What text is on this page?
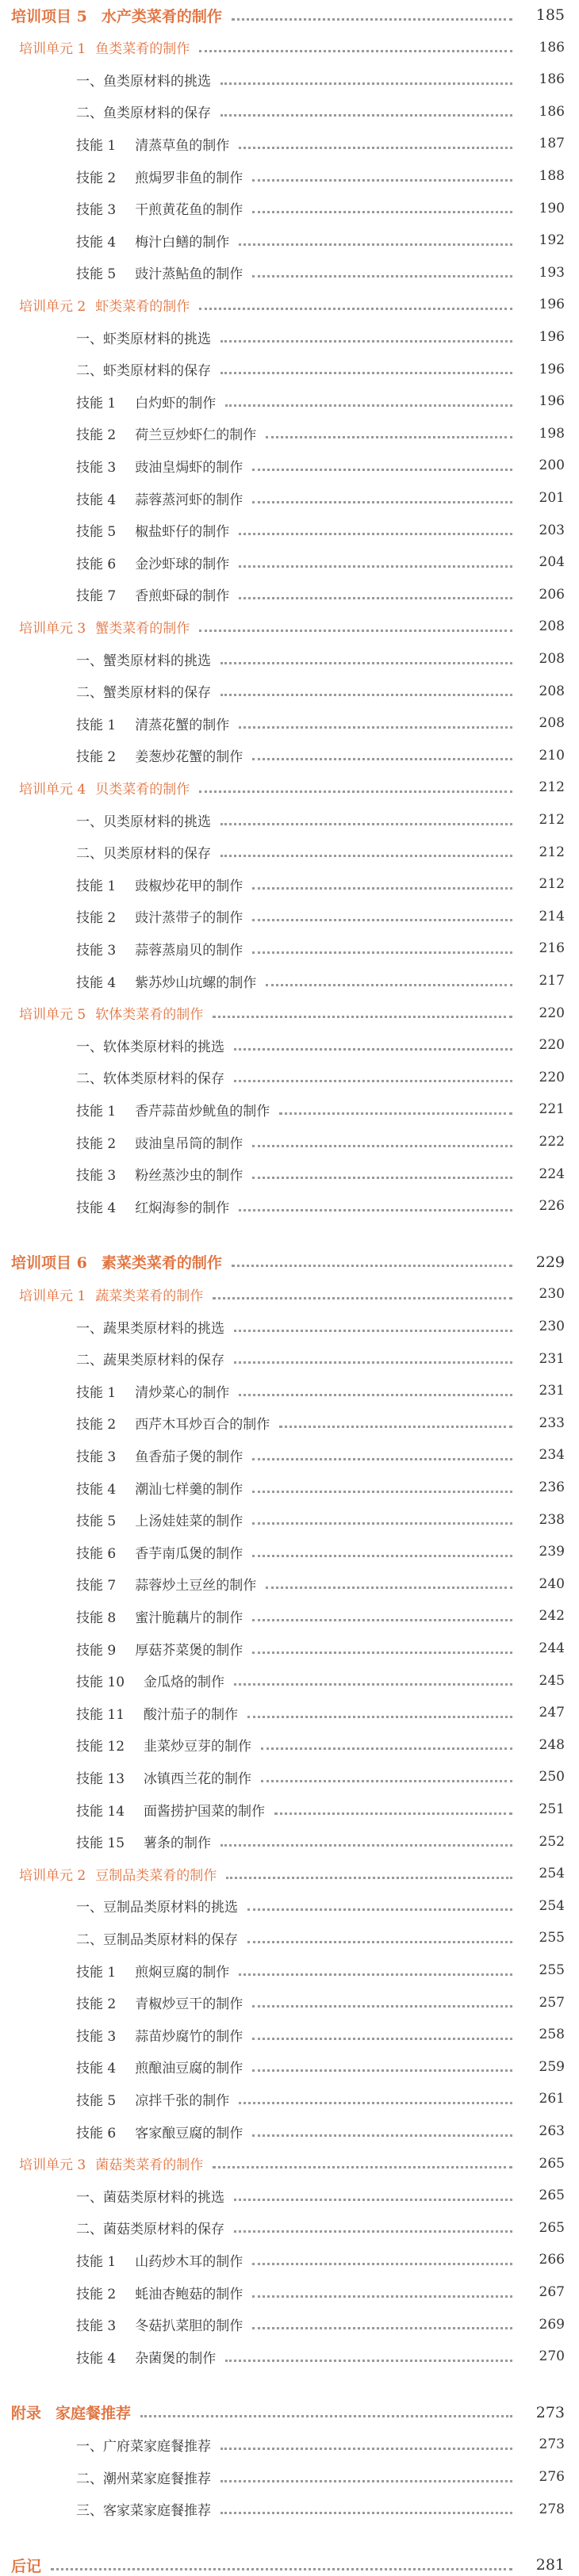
培训项目 5 水产类菜肴的制作	185
培训单元 1 鱼类菜肴的制作	186
一、鱼类原材料的挑选	186
二、鱼类原材料的保存	186
技能 1 清蒸草鱼的制作	187
技能 2 煎焗罗非鱼的制作	188
技能 3 干煎黄花鱼的制作	190
技能 4 梅汁白鳝的制作	192
技能 5 豉汁蒸鲇鱼的制作	193
培训单元 2 虾类菜肴的制作	196
一、虾类原材料的挑选	196
二、虾类原材料的保存	196
技能 1 白灼虾的制作	196
技能 2 荷兰豆炒虾仁的制作	198
技能 3 豉油皇焗虾的制作	200
技能 4 蒜蓉蒸河虾的制作	201
技能 5 椒盐虾仔的制作	203
技能 6 金沙虾球的制作	204
技能 7 香煎虾碌的制作	206
培训单元 3 蟹类菜肴的制作	208
一、蟹类原材料的挑选	208
二、蟹类原材料的保存	208
技能 1 清蒸花蟹的制作	208
技能 2 姜葱炒花蟹的制作	210
培训单元 4 贝类菜肴的制作	212
一、贝类原材料的挑选	212
二、贝类原材料的保存	212
技能 1 豉椒炒花甲的制作	212
技能 2 豉汁蒸带子的制作	214
技能 3 蒜蓉蒸扇贝的制作	216
技能 4 紫苏炒山坑螺的制作	217
培训单元 5 软体类菜肴的制作	220
一、软体类原材料的挑选	220
二、软体类原材料的保存	220
技能 1 香芹蒜苗炒鱿鱼的制作	221
技能 2 豉油皇吊筒的制作	222
技能 3 粉丝蒸沙虫的制作	224
技能 4 红焖海参的制作	226
培训项目 6 素菜类菜肴的制作	229
培训单元 1 蔬菜类菜肴的制作	230
一、蔬果类原材料的挑选	230
二、蔬果类原材料的保存	231
技能 1 清炒菜心的制作	231
技能 2 西芹木耳炒百合的制作	233
技能 3 鱼香茄子煲的制作	234
技能 4 潮汕七样羹的制作	236
技能 5 上汤娃娃菜的制作	238
技能 6 香芋南瓜煲的制作	239
技能 7 蒜蓉炒土豆丝的制作	240
技能 8 蜜汁脆藕片的制作	242
技能 9 厚菇芥菜煲的制作	244
技能 10 金瓜烙的制作	245
技能 11 酸汁茄子的制作	247
技能 12 韭菜炒豆芽的制作	248
技能 13 冰镇西兰花的制作	250
技能 14 面酱捞护国菜的制作	251
技能 15 薯条的制作	252
培训单元 2 豆制品类菜肴的制作	254
一、豆制品类原材料的挑选	254
二、豆制品类原材料的保存	255
技能 1 煎焖豆腐的制作	255
技能 2 青椒炒豆干的制作	257
技能 3 蒜苗炒腐竹的制作	258
技能 4 煎酿油豆腐的制作	259
技能 5 凉拌千张的制作	261
技能 6 客家酿豆腐的制作	263
培训单元 3 菌菇类菜肴的制作	265
一、菌菇类原材料的挑选	265
二、菌菇类原材料的保存	265
技能 1 山药炒木耳的制作	266
技能 2 蚝油杏鲍菇的制作	267
技能 3 冬菇扒菜胆的制作	269
技能 4 杂菌煲的制作	270
附录 家庭餐推荐	273
一、广府菜家庭餐推荐	273
二、潮州菜家庭餐推荐	276
三、客家菜家庭餐推荐	278
后记	281
